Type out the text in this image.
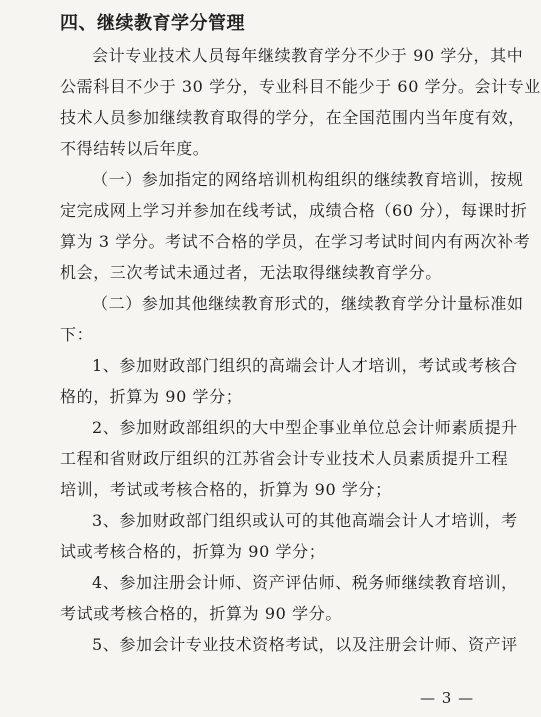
四、继续教育学分管理
会计专业技术人员每年继续教育学分不少于 90 学分，其中
公需科目不少于 30 学分，专业科目不能少于 60 学分。会计专业
技术人员参加继续教育取得的学分，在全国范围内当年度有效，
不得结转以后年度。
（一）参加指定的网络培训机构组织的继续教育培训，按规
定完成网上学习并参加在线考试，成绩合格（60 分），每课时折
算为 3 学分。考试不合格的学员，在学习考试时间内有两次补考
机会，三次考试未通过者，无法取得继续教育学分。
（二）参加其他继续教育形式的，继续教育学分计量标准如
下：
1、参加财政部门组织的高端会计人才培训，考试或考核合
格的，折算为 90 学分；
2、参加财政部组织的大中型企事业单位总会计师素质提升
工程和省财政厅组织的江苏省会计专业技术人员素质提升工程
培训，考试或考核合格的，折算为 90 学分；
3、参加财政部门组织或认可的其他高端会计人才培训，考
试或考核合格的，折算为 90 学分；
4、参加注册会计师、资产评估师、税务师继续教育培训，
考试或考核合格的，折算为 90 学分。
5、参加会计专业技术资格考试，以及注册会计师、资产评
— 3 —
